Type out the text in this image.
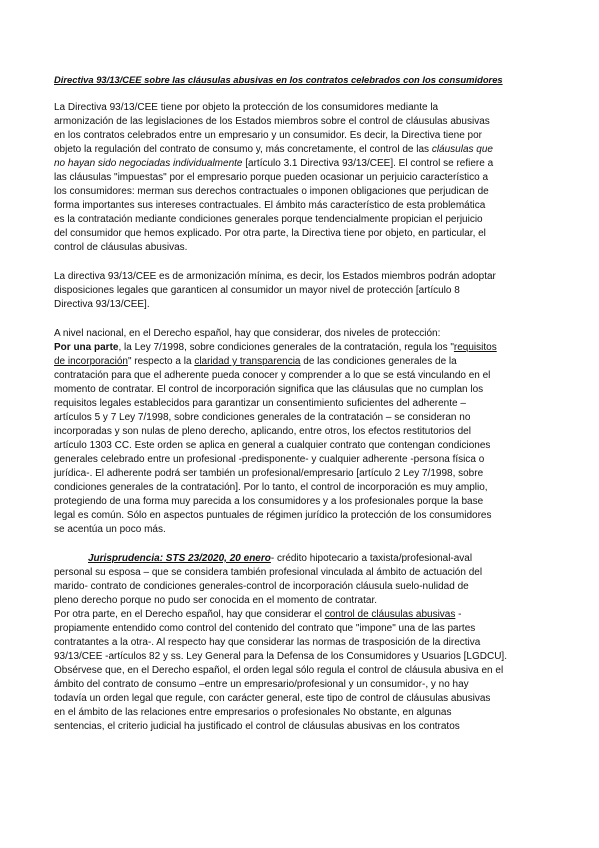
Directiva 93/13/CEE sobre las cláusulas abusivas en los contratos celebrados con los consumidores
La Directiva 93/13/CEE tiene por objeto la protección de los consumidores mediante la
armonización de las legislaciones de los Estados miembros sobre el control de cláusulas abusivas
en los contratos celebrados entre un empresario y un consumidor. Es decir, la Directiva tiene por
objeto la regulación del contrato de consumo y, más concretamente, el control de las cláusulas que
no hayan sido negociadas individualmente [artículo 3.1 Directiva 93/13/CEE]. El control se refiere a
las cláusulas "impuestas" por el empresario porque pueden ocasionar un perjuicio característico a
los consumidores: merman sus derechos contractuales o imponen obligaciones que perjudican de
forma importantes sus intereses contractuales. El ámbito más característico de esta problemática
es la contratación mediante condiciones generales porque tendencialmente propician el perjuicio
del consumidor que hemos explicado. Por otra parte, la Directiva tiene por objeto, en particular, el
control de cláusulas abusivas.
La directiva 93/13/CEE es de armonización mínima, es decir, los Estados miembros podrán adoptar
disposiciones legales que garanticen al consumidor un mayor nivel de protección [artículo 8
Directiva 93/13/CEE].
A nivel nacional, en el Derecho español, hay que considerar, dos niveles de protección:
Por una parte, la Ley 7/1998, sobre condiciones generales de la contratación, regula los "requisitos
de incorporación" respecto a la claridad y transparencia de las condiciones generales de la
contratación para que el adherente pueda conocer y comprender a lo que se está vinculando en el
momento de contratar. El control de incorporación significa que las cláusulas que no cumplan los
requisitos legales establecidos para garantizar un consentimiento suficientes del adherente –
artículos 5 y 7 Ley 7/1998, sobre condiciones generales de la contratación – se consideran no
incorporadas y son nulas de pleno derecho, aplicando, entre otros, los efectos restitutorios del
artículo 1303 CC. Este orden se aplica en general a cualquier contrato que contengan condiciones
generales celebrado entre un profesional -predisponente- y cualquier adherente -persona física o
jurídica-. El adherente podrá ser también un profesional/empresario [artículo 2 Ley 7/1998, sobre
condiciones generales de la contratación]. Por lo tanto, el control de incorporación es muy amplio,
protegiendo de una forma muy parecida a los consumidores y a los profesionales porque la base
legal es común. Sólo en aspectos puntuales de régimen jurídico la protección de los consumidores
se acentúa un poco más.
Jurisprudencia: STS 23/2020, 20 enero- crédito hipotecario a taxista/profesional-aval
personal su esposa – que se considera también profesional vinculada al ámbito de actuación del
marido- contrato de condiciones generales-control de incorporación cláusula suelo-nulidad de
pleno derecho porque no pudo ser conocida en el momento de contratar.
Por otra parte, en el Derecho español, hay que considerar el control de cláusulas abusivas -
propiamente entendido como control del contenido del contrato que "impone" una de las partes
contratantes a la otra-. Al respecto hay que considerar las normas de trasposición de la directiva
93/13/CEE -artículos 82 y ss. Ley General para la Defensa de los Consumidores y Usuarios [LGDCU].
Obsérvese que, en el Derecho español, el orden legal sólo regula el control de cláusula abusiva en el
ámbito del contrato de consumo –entre un empresario/profesional y un consumidor-, y no hay
todavía un orden legal que regule, con carácter general, este tipo de control de cláusulas abusivas
en el ámbito de las relaciones entre empresarios o profesionales No obstante, en algunas
sentencias, el criterio judicial ha justificado el control de cláusulas abusivas en los contratos
